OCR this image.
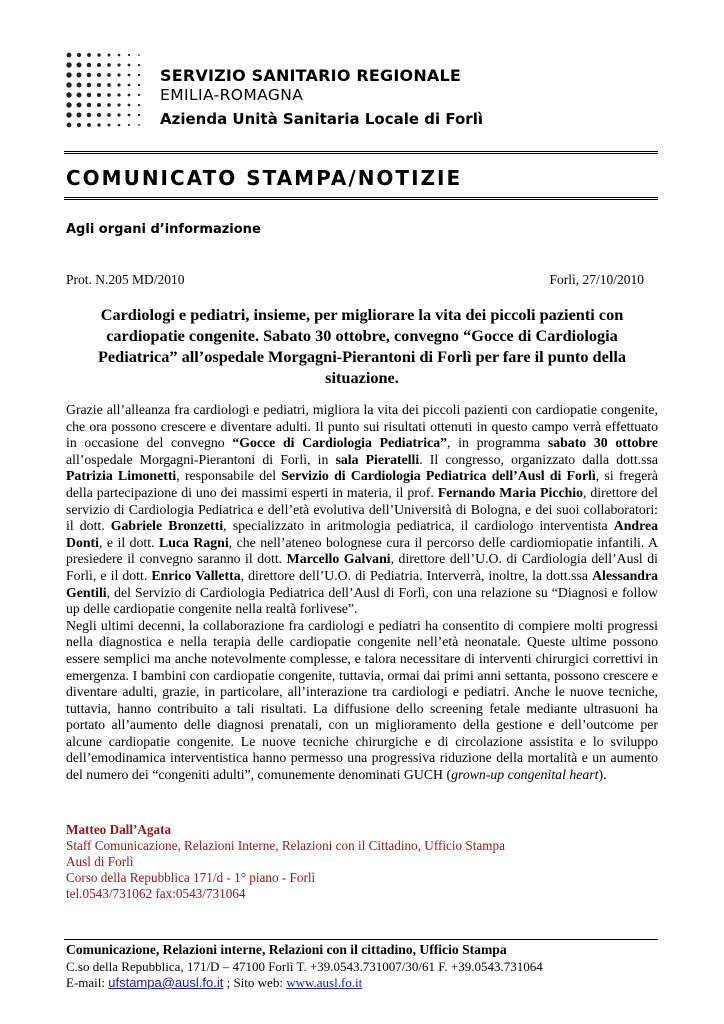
SERVIZIO SANITARIO REGIONALE
EMILIA-ROMAGNA
Azienda Unità Sanitaria Locale di Forlì
COMUNICATO STAMPA/NOTIZIE
Agli organi d’informazione
Prot. N.205 MD/2010	Forlì, 27/10/2010
Cardiologi e pediatri, insieme, per migliorare la vita dei piccoli pazienti con cardiopatie congenite. Sabato 30 ottobre, convegno “Gocce di Cardiologia Pediatrica” all’ospedale Morgagni-Pierantoni di Forlì per fare il punto della situazione.

Grazie all’alleanza fra cardiologi e pediatri, migliora la vita dei piccoli pazienti con cardiopatie congenite, che ora possono crescere e diventare adulti. Il punto sui risultati ottenuti in questo campo verrà effettuato in occasione del convegno “Gocce di Cardiologia Pediatrica”, in programma sabato 30 ottobre all’ospedale Morgagni-Pierantoni di Forlì, in sala Pieratelli. Il congresso, organizzato dalla dott.ssa Patrizia Limonetti, responsabile del Servizio di Cardiologia Pediatrica dell’Ausl di Forlì, si fregerà della partecipazione di uno dei massimi esperti in materia, il prof. Fernando Maria Picchio, direttore del servizio di Cardiologia Pediatrica e dell’età evolutiva dell’Università di Bologna, e dei suoi collaboratori: il dott. Gabriele Bronzetti, specializzato in aritmologia pediatrica, il cardiologo interventista Andrea Donti, e il dott. Luca Ragni, che nell’ateneo bolognese cura il percorso delle cardiomiopatie infantili. A presiedere il convegno saranno il dott. Marcello Galvani, direttore dell’U.O. di Cardiologia dell’Ausl di Forlì, e il dott. Enrico Valletta, direttore dell’U.O. di Pediatria. Interverrà, inoltre, la dott.ssa Alessandra Gentili, del Servizio di Cardiologia Pediatrica dell’Ausl di Forlì, con una relazione su “Diagnosi e follow up delle cardiopatie congenite nella realtà forlivese”.

Negli ultimi decenni, la collaborazione fra cardiologi e pediatri ha consentito di compiere molti progressi nella diagnostica e nella terapia delle cardiopatie congenite nell’età neonatale. Queste ultime possono essere semplici ma anche notevolmente complesse, e talora necessitare di interventi chirurgici correttivi in emergenza. I bambini con cardiopatie congenite, tuttavia, ormai dai primi anni settanta, possono crescere e diventare adulti, grazie, in particolare, all’interazione tra cardiologi e pediatri. Anche le nuove tecniche, tuttavia, hanno contribuito a tali risultati. La diffusione dello screening fetale mediante ultrasuoni ha portato all’aumento delle diagnosi prenatali, con un miglioramento della gestione e dell’outcome per alcune cardiopatie congenite. Le nuove tecniche chirurgiche e di circolazione assistita e lo sviluppo dell’emodinamica interventistica hanno permesso una progressiva riduzione della mortalità e un aumento del numero dei “congeniti adulti”, comunemente denominati GUCH (grown-up congenital heart).

Matteo Dall’Agata
Staff Comunicazione, Relazioni Interne, Relazioni con il Cittadino, Ufficio Stampa
Ausl di Forlì
Corso della Repubblica 171/d - 1° piano - Forlì
tel.0543/731062 fax:0543/731064
Comunicazione, Relazioni interne, Relazioni con il cittadino, Ufficio Stampa
C.so della Repubblica, 171/D – 47100 Forlì T. +39.0543.731007/30/61 F. +39.0543.731064
E-mail: ufstampa@ausl.fo.it ; Sito web: www.ausl.fo.it
